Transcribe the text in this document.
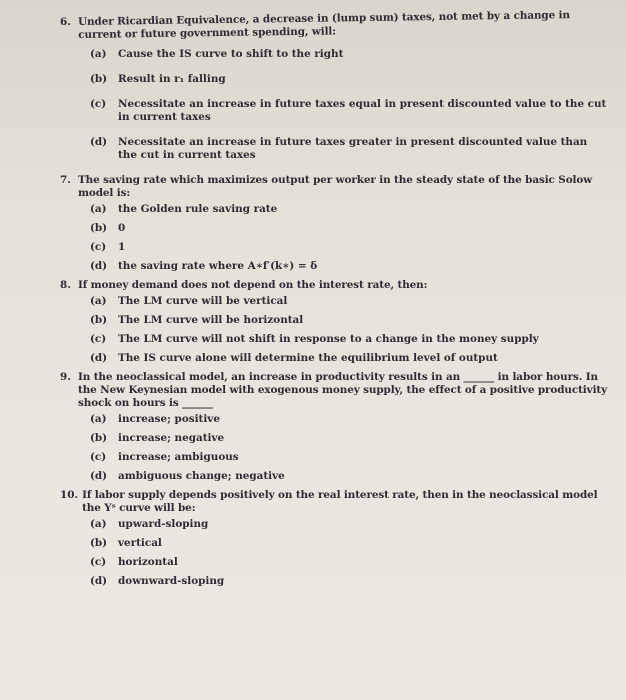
6. Under Ricardian Equivalence, a decrease in (lump sum) taxes, not met by a change in current or future government spending, will:
(a)	Cause the IS curve to shift to the right
(b) Result in r₁ falling
(c)	Necessitate an increase in future taxes equal in present discounted value to the cut in current taxes
(d) Necessitate an increase in future taxes greater in present discounted value than the cut in current taxes
7. The saving rate which maximizes output per worker in the steady state of the basic Solow model is:
(a)	the Golden rule saving rate
(b) 0
(c)	1
(d) the saving rate where A∗f′(k∗) = δ
8. If money demand does not depend on the interest rate, then:
(a)	The LM curve will be vertical
(b) The LM curve will be horizontal
(c)	The LM curve will not shift in response to a change in the money supply
(d) The IS curve alone will determine the equilibrium level of output
9. In the neoclassical model, an increase in productivity results in an ______ in labor hours. In the New Keynesian model with exogenous money supply, the effect of a positive productivity shock on hours is ______
(a)	increase; positive
(b) increase; negative
(c)	increase; ambiguous
(d) ambiguous change; negative
10. If labor supply depends positively on the real interest rate, then in the neoclassical model the Yˢ curve will be:
(a)	upward-sloping
(b) vertical
(c)	horizontal
(d) downward-sloping
